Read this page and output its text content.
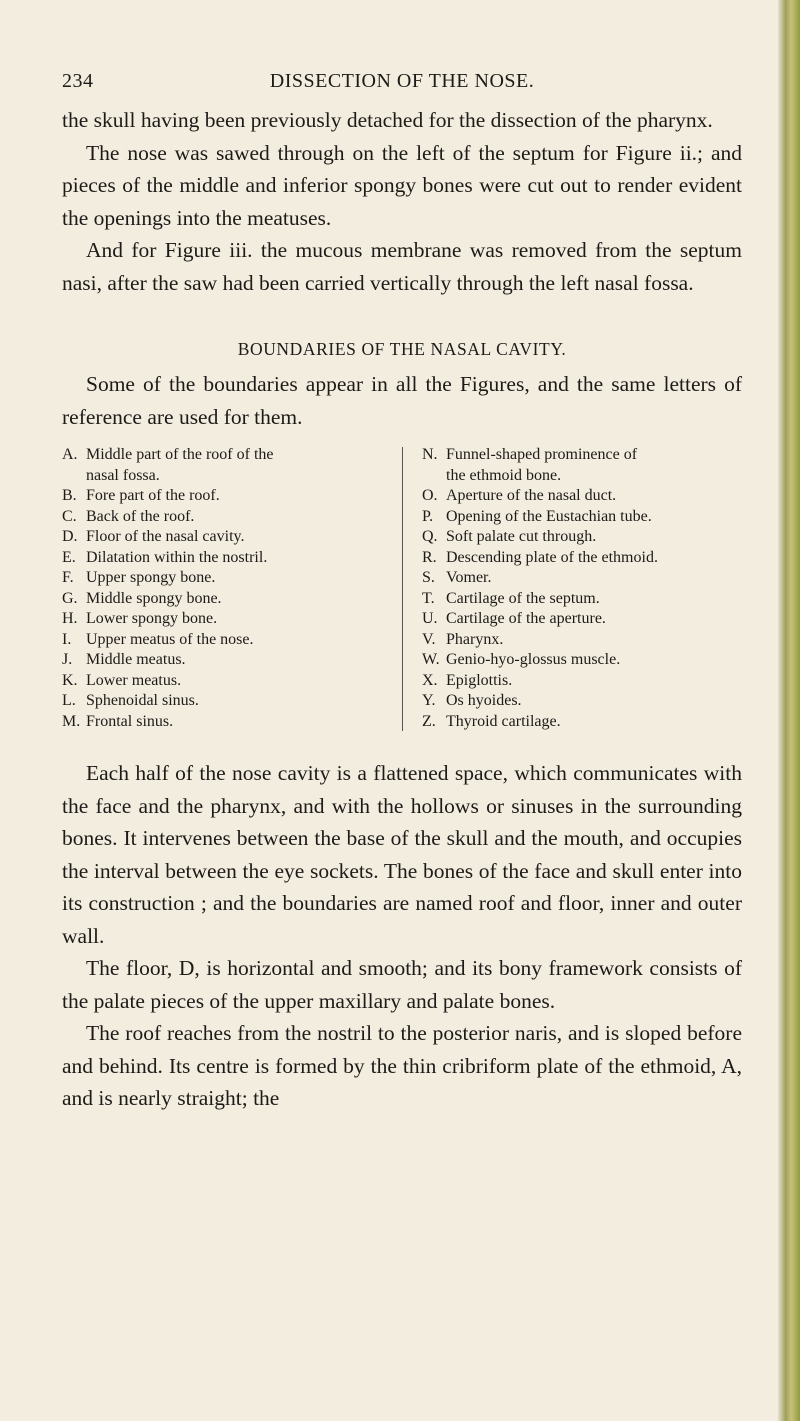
234	DISSECTION OF THE NOSE.

the skull having been previously detached for the dissection of the pharynx.

The nose was sawed through on the left of the septum for Figure ii.; and pieces of the middle and inferior spongy bones were cut out to render evident the openings into the meatuses.

And for Figure iii. the mucous membrane was removed from the septum nasi, after the saw had been carried vertically through the left nasal fossa.

BOUNDARIES OF THE NASAL CAVITY.

Some of the boundaries appear in all the Figures, and the same letters of reference are used for them.

A. Middle part of the roof of the
nasal fossa.
B. Fore part of the roof.
C. Back of the roof.
D. Floor of the nasal cavity.
E. Dilatation within the nostril.
F. Upper spongy bone.
G. Middle spongy bone.
H. Lower spongy bone.
I. Upper meatus of the nose.
J. Middle meatus.
K. Lower meatus.
L. Sphenoidal sinus.
M. Frontal sinus.
N. Funnel-shaped prominence of
the ethmoid bone.
O. Aperture of the nasal duct.
P. Opening of the Eustachian tube.
Q. Soft palate cut through.
R. Descending plate of the ethmoid.
S. Vomer.
T. Cartilage of the septum.
U. Cartilage of the aperture.
V. Pharynx.
W. Genio-hyo-glossus muscle.
X. Epiglottis.
Y. Os hyoides.
Z. Thyroid cartilage.

Each half of the nose cavity is a flattened space, which communicates with the face and the pharynx, and with the hollows or sinuses in the surrounding bones. It intervenes between the base of the skull and the mouth, and occupies the interval between the eye sockets. The bones of the face and skull enter into its construction ; and the boundaries are named roof and floor, inner and outer wall.

The floor, D, is horizontal and smooth; and its bony framework consists of the palate pieces of the upper maxillary and palate bones.

The roof reaches from the nostril to the posterior naris, and is sloped before and behind. Its centre is formed by the thin cribriform plate of the ethmoid, A, and is nearly straight; the
